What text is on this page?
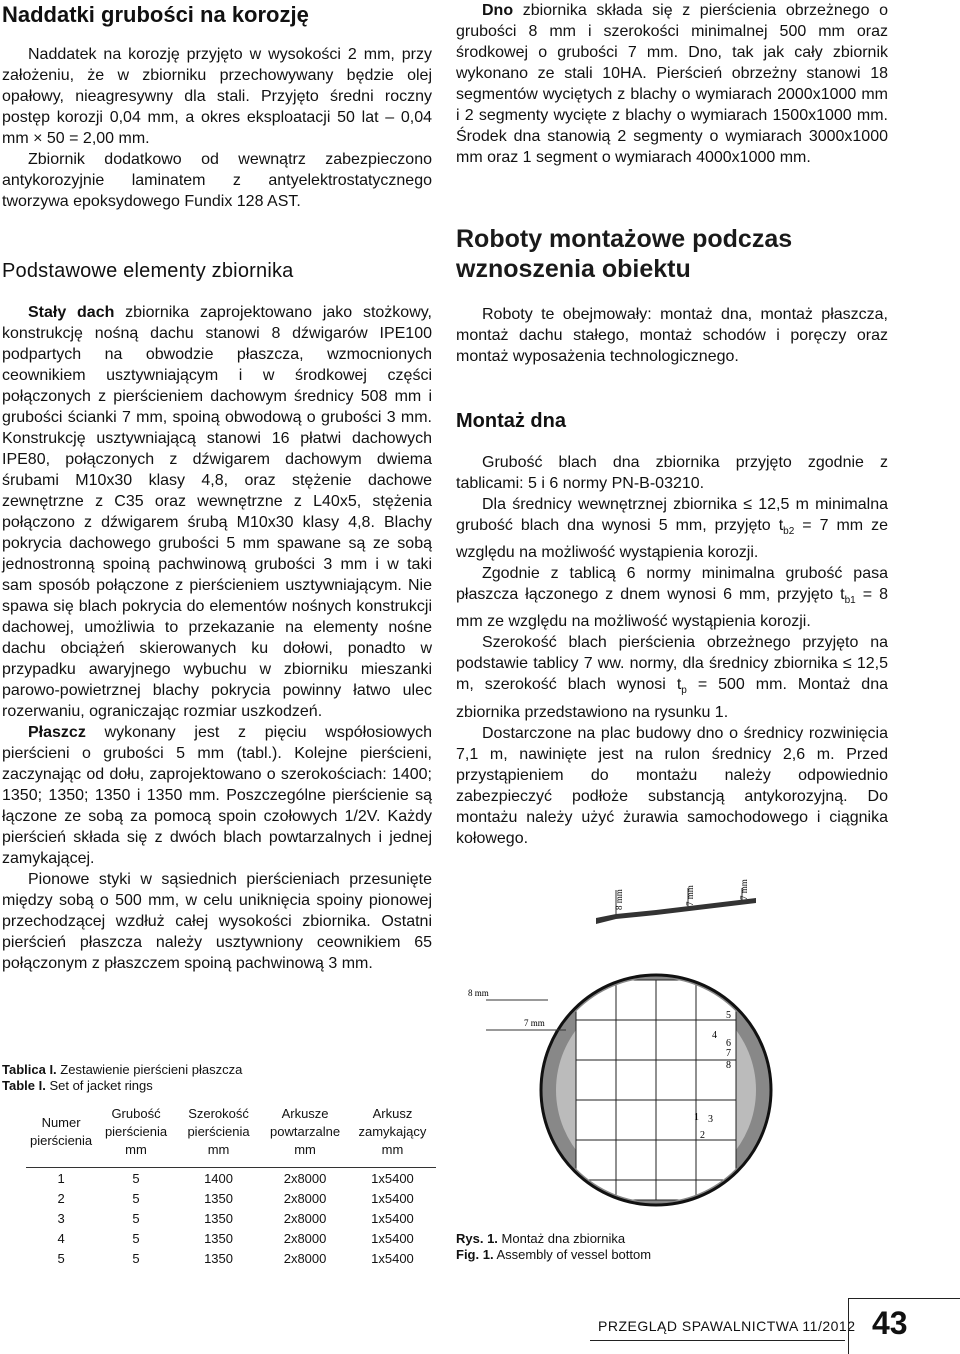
Naddatki grubości na korozję

Naddatek na korozję przyjęto w wysokości 2 mm, przy założeniu, że w zbiorniku przechowywany będzie olej opałowy, nieagresywny dla stali. Przyjęto średni roczny postęp korozji 0,04 mm, a okres eksploatacji 50 lat – 0,04 mm × 50 = 2,00 mm.

Zbiornik dodatkowo od wewnątrz zabezpieczono antykorozyjnie laminatem z antyelektrostatycznego tworzywa epoksydowego Fundix 128 AST.

Podstawowe elementy zbiornika

Stały dach zbiornika zaprojektowano jako stożkowy, konstrukcję nośną dachu stanowi 8 dźwigarów IPE100 podpartych na obwodzie płaszcza, wzmocnionych ceownikiem usztywniającym i w środkowej części połączonych z pierścieniem dachowym średnicy 508 mm i grubości ścianki 7 mm, spoiną obwodową o grubości 3 mm. Konstrukcję usztywniającą stanowi 16 płatwi dachowych IPE80, połączonych z dźwigarem dachowym dwiema śrubami M10x30 klasy 4,8, oraz stężenie dachowe zewnętrzne z C35 oraz wewnętrzne z L40x5, stężenia połączono z dźwigarem śrubą M10x30 klasy 4,8. Blachy pokrycia dachowego grubości 5 mm spawane są ze sobą jednostronną spoiną pachwinową grubości 3 mm i w taki sam sposób połączone z pierścieniem usztywniającym. Nie spawa się blach pokrycia do elementów nośnych konstrukcji dachowej, umożliwia to przekazanie na elementy nośne dachu obciążeń skierowanych ku dołowi, ponadto w przypadku awaryjnego wybuchu w zbiorniku mieszanki parowo-powietrznej blachy pokrycia powinny łatwo ulec rozerwaniu, ograniczając rozmiar uszkodzeń.

Płaszcz wykonany jest z pięciu współosiowych pierścieni o grubości 5 mm (tabl.). Kolejne pierścieni, zaczynając od dołu, zaprojektowano o szerokościach: 1400; 1350; 1350; 1350 i 1350 mm. Poszczególne pierścienie są łączone ze sobą za pomocą spoin czołowych 1/2V. Każdy pierścień składa się z dwóch blach powtarzalnych i jednej zamykającej.

Pionowe styki w sąsiednich pierścieniach przesunięte między sobą o 500 mm, w celu uniknięcia spoiny pionowej przechodzącej wzdłuż całej wysokości zbiornika. Ostatni pierścień płaszcza należy usztywniony ceownikiem 65 połączonym z płaszczem spoiną pachwinową 3 mm.

Dno zbiornika składa się z pierścienia obrzeżnego o grubości 8 mm i szerokości minimalnej 500 mm oraz środkowej o grubości 7 mm. Dno, tak jak cały zbiornik wykonano ze stali 10HA. Pierścień obrzeżny stanowi 18 segmentów wyciętych z blachy o wymiarach 2000x1000 mm i 2 segmenty wycięte z blachy o wymiarach 1500x1000 mm. Środek dna stanowią 2 segmenty o wymiarach 3000x1000 mm oraz 1 segment o wymiarach 4000x1000 mm.

Roboty montażowe podczas
wznoszenia obiektu

Roboty te obejmowały: montaż dna, montaż płaszcza, montaż dachu stałego, montaż schodów i poręczy oraz montaż wyposażenia technologicznego.

Montaż dna

Grubość blach dna zbiornika przyjęto zgodnie z tablicami: 5 i 6 normy PN-B-03210.

Dla średnicy wewnętrznej zbiornika ≤ 12,5 m minimalna grubość blach dna wynosi 5 mm, przyjęto $t_{b2} = 7$ mm ze względu na możliwość wystąpienia korozji.

Zgodnie z tablicą 6 normy minimalna grubość pasa płaszcza łączonego z dnem wynosi 6 mm, przyjęto $t_{b1} = 8$ mm ze względu na możliwość wystąpienia korozji.

Szerokość blach pierścienia obrzeżnego przyjęto na podstawie tablicy 7 ww. normy, dla średnicy zbiornika ≤ 12,5 m, szerokość blach wynosi $t_p = 500$ mm. Montaż dna zbiornika przedstawiono na rysunku 1.

Dostarczone na plac budowy dno o średnicy rozwinięcia 7,1 m, nawinięte jest na rulon średnicy 2,6 m. Przed przystąpieniem do montażu należy odpowiednio zabezpieczyć podłoże substancją antykorozyjną. Do montażu należy użyć żurawia samochodowego i ciągnika kołowego.

8 mm	7 mm	7 mm
8 mm
7 mm
5
6
4
7
8
1 3
2
Rys. 1. Montaż dna zbiornika
Fig. 1. Assembly of vessel bottom
Tablica I. Zestawienie pierścieni płaszcza
Table I. Set of jacket rings
Numer pierścienia	Grubość pierścienia mm	Szerokość pierścienia mm	Arkusze powtarzalne mm	Arkusz zamykający mm
1	5	1400	2x8000	1x5400
2	5	1350	2x8000	1x5400
3	5	1350	2x8000	1x5400
4	5	1350	2x8000	1x5400
5	5	1350	2x8000	1x5400
PRZEGLĄD SPAWALNICTWA 11/2012 43
